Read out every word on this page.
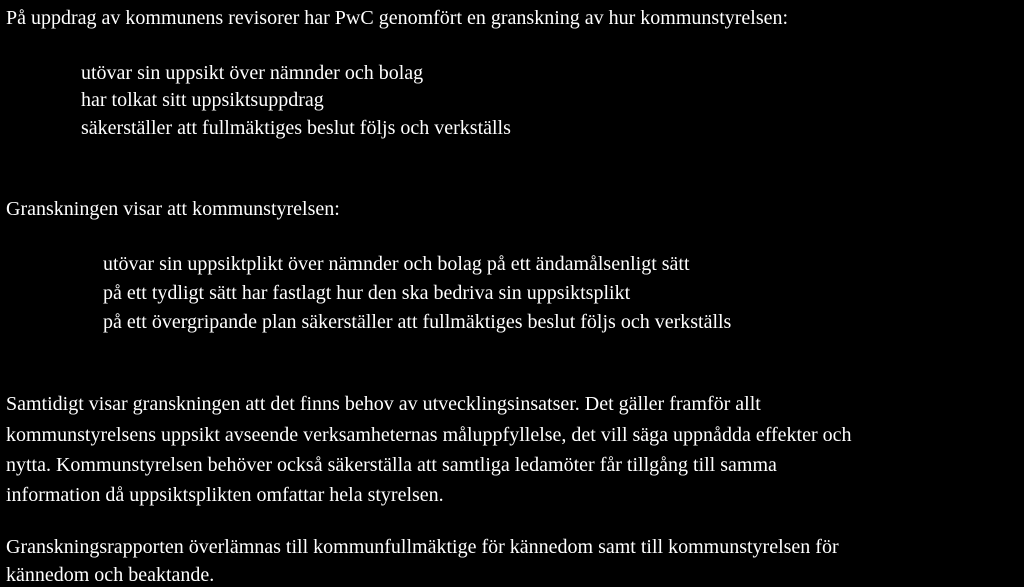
På uppdrag av kommunens revisorer har PwC genomfört en granskning av hur kommunstyrelsen:

utövar sin uppsikt över nämnder och bolag

har tolkat sitt uppsiktsuppdrag

säkerställer att fullmäktiges beslut följs och verkställs

Granskningen visar att kommunstyrelsen:

utövar sin uppsiktplikt över nämnder och bolag på ett ändamålsenligt sätt

på ett tydligt sätt har fastlagt hur den ska bedriva sin uppsiktsplikt

på ett övergripande plan säkerställer att fullmäktiges beslut följs och verkställs

Samtidigt visar granskningen att det finns behov av utvecklingsinsatser. Det gäller framför allt

kommunstyrelsens uppsikt avseende verksamheternas måluppfyllelse, det vill säga uppnådda effekter och

nytta. Kommunstyrelsen behöver också säkerställa att samtliga ledamöter får tillgång till samma

information då uppsiktsplikten omfattar hela styrelsen.

Granskningsrapporten överlämnas till kommunfullmäktige för kännedom samt till kommunstyrelsen för

kännedom och beaktande.
